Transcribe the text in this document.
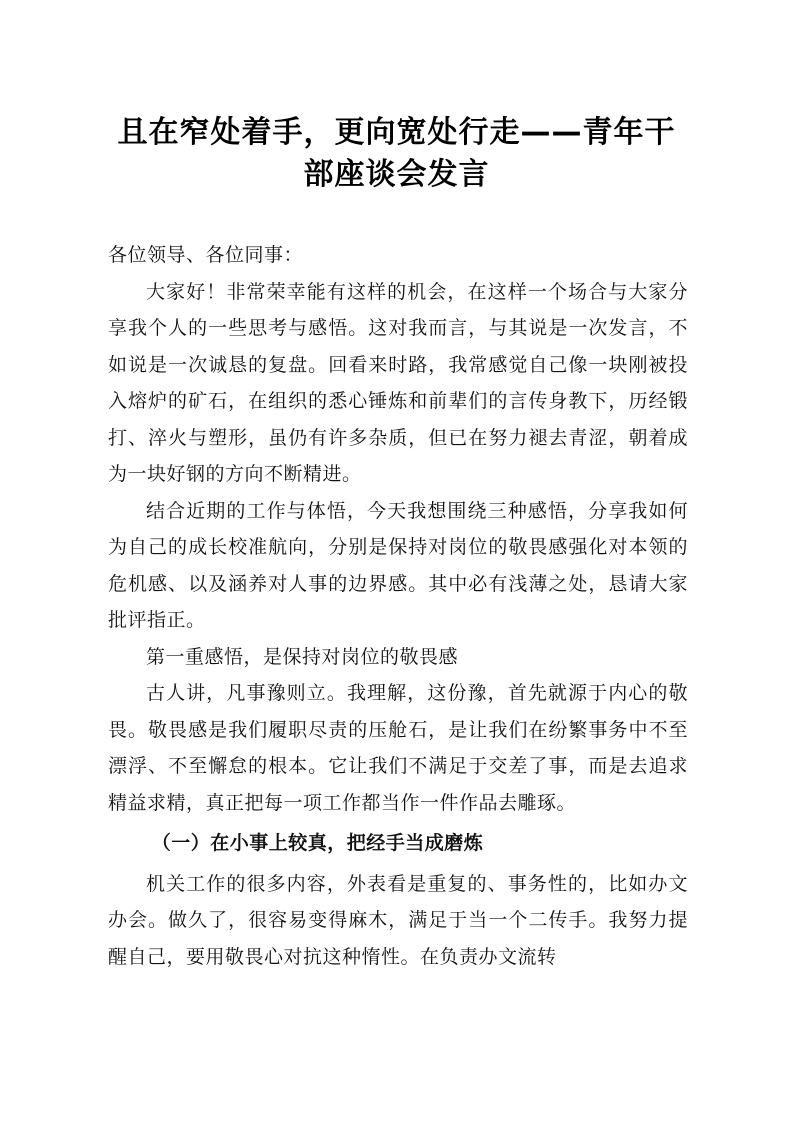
且在窄处着手，更向宽处行走——青年干
部座谈会发言

各位领导、各位同事：

大家好！非常荣幸能有这样的机会，在这样一个场合与大家分享我个人的一些思考与感悟。这对我而言，与其说是一次发言，不如说是一次诚恳的复盘。回看来时路，我常感觉自己像一块刚被投入熔炉的矿石，在组织的悉心锤炼和前辈们的言传身教下，历经锻打、淬火与塑形，虽仍有许多杂质，但已在努力褪去青涩，朝着成为一块好钢的方向不断精进。

结合近期的工作与体悟，今天我想围绕三种感悟，分享我如何为自己的成长校准航向，分别是保持对岗位的敬畏感强化对本领的危机感、以及涵养对人事的边界感。其中必有浅薄之处，恳请大家批评指正。

第一重感悟，是保持对岗位的敬畏感

古人讲，凡事豫则立。我理解，这份豫，首先就源于内心的敬畏。敬畏感是我们履职尽责的压舱石，是让我们在纷繁事务中不至漂浮、不至懈怠的根本。它让我们不满足于交差了事，而是去追求精益求精，真正把每一项工作都当作一件作品去雕琢。

（一）在小事上较真，把经手当成磨炼

机关工作的很多内容，外表看是重复的、事务性的，比如办文办会。做久了，很容易变得麻木，满足于当一个二传手。我努力提醒自己，要用敬畏心对抗这种惰性。在负责办文流转
